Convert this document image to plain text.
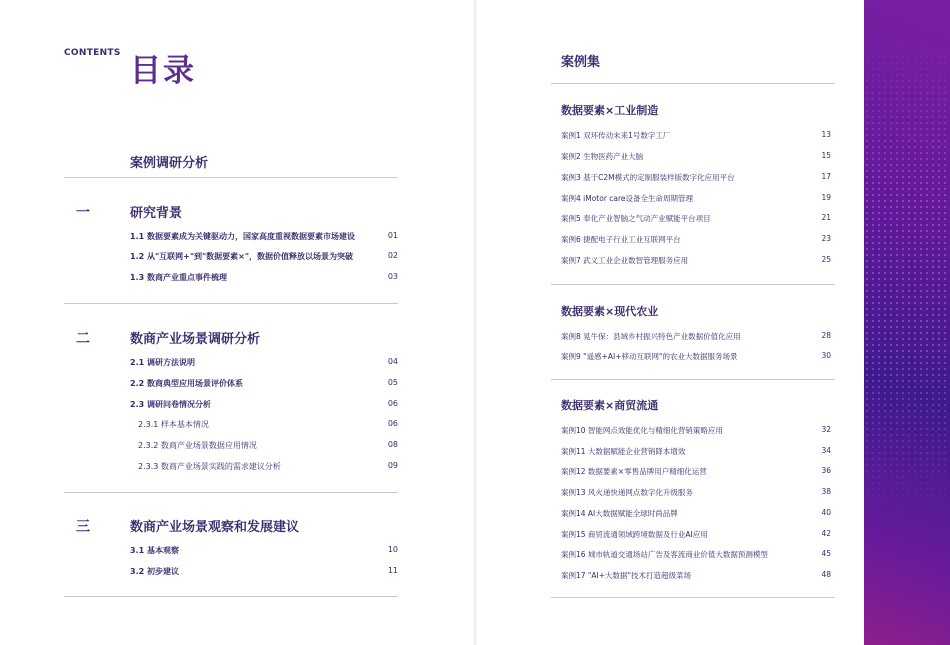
CONTENTS 目录
案例调研分析
一	研究背景
1.1 数据要素成为关键驱动力，国家高度重视数据要素市场建设	01
1.2 从"互联网+"到"数据要素×"，数据价值释放以场景为突破	02
1.3 数商产业重点事件梳理	03
二	数商产业场景调研分析
2.1 调研方法说明	04
2.2 数商典型应用场景评价体系	05
2.3 调研问卷情况分析	06
2.3.1 样本基本情况	06
2.3.2 数商产业场景数据应用情况	08
2.3.3 数商产业场景实践的需求建议分析	09
三	数商产业场景观察和发展建议
3.1 基本观察	10
3.2 初步建议	11
案例集
数据要素×工业制造
案例1 双环传动未来1号数字工厂	13
案例2 生物医药产业大脑	15
案例3 基于C2M模式的定制服装样版数字化应用平台	17
案例4 iMotor care设备全生命周期管理	19
案例5 奉化产业智脑之气动产业赋能平台项目	21
案例6 捷配电子行业工业互联网平台	23
案例7 武义工业企业数智管理服务应用	25
数据要素×现代农业
案例8 晃牛保：县域乡村振兴特色产业数据价值化应用	28
案例9 "遥感+AI+移动互联网"的农业大数据服务场景	30
数据要素×商贸流通
案例10 智能网点效能优化与精细化营销策略应用	32
案例11 大数据赋能企业营销降本增效	34
案例12 数据要素×零售品牌用户精细化运营	36
案例13 风火递快递网点数字化升级服务	38
案例14 AI大数据赋能全球时尚品牌	40
案例15 商贸流通领域跨境数据及行业AI应用	42
案例16 城市轨道交通场站广告及客流商业价值大数据预测模型	45
案例17 "AI+大数据"技术打造超级菜场	48
